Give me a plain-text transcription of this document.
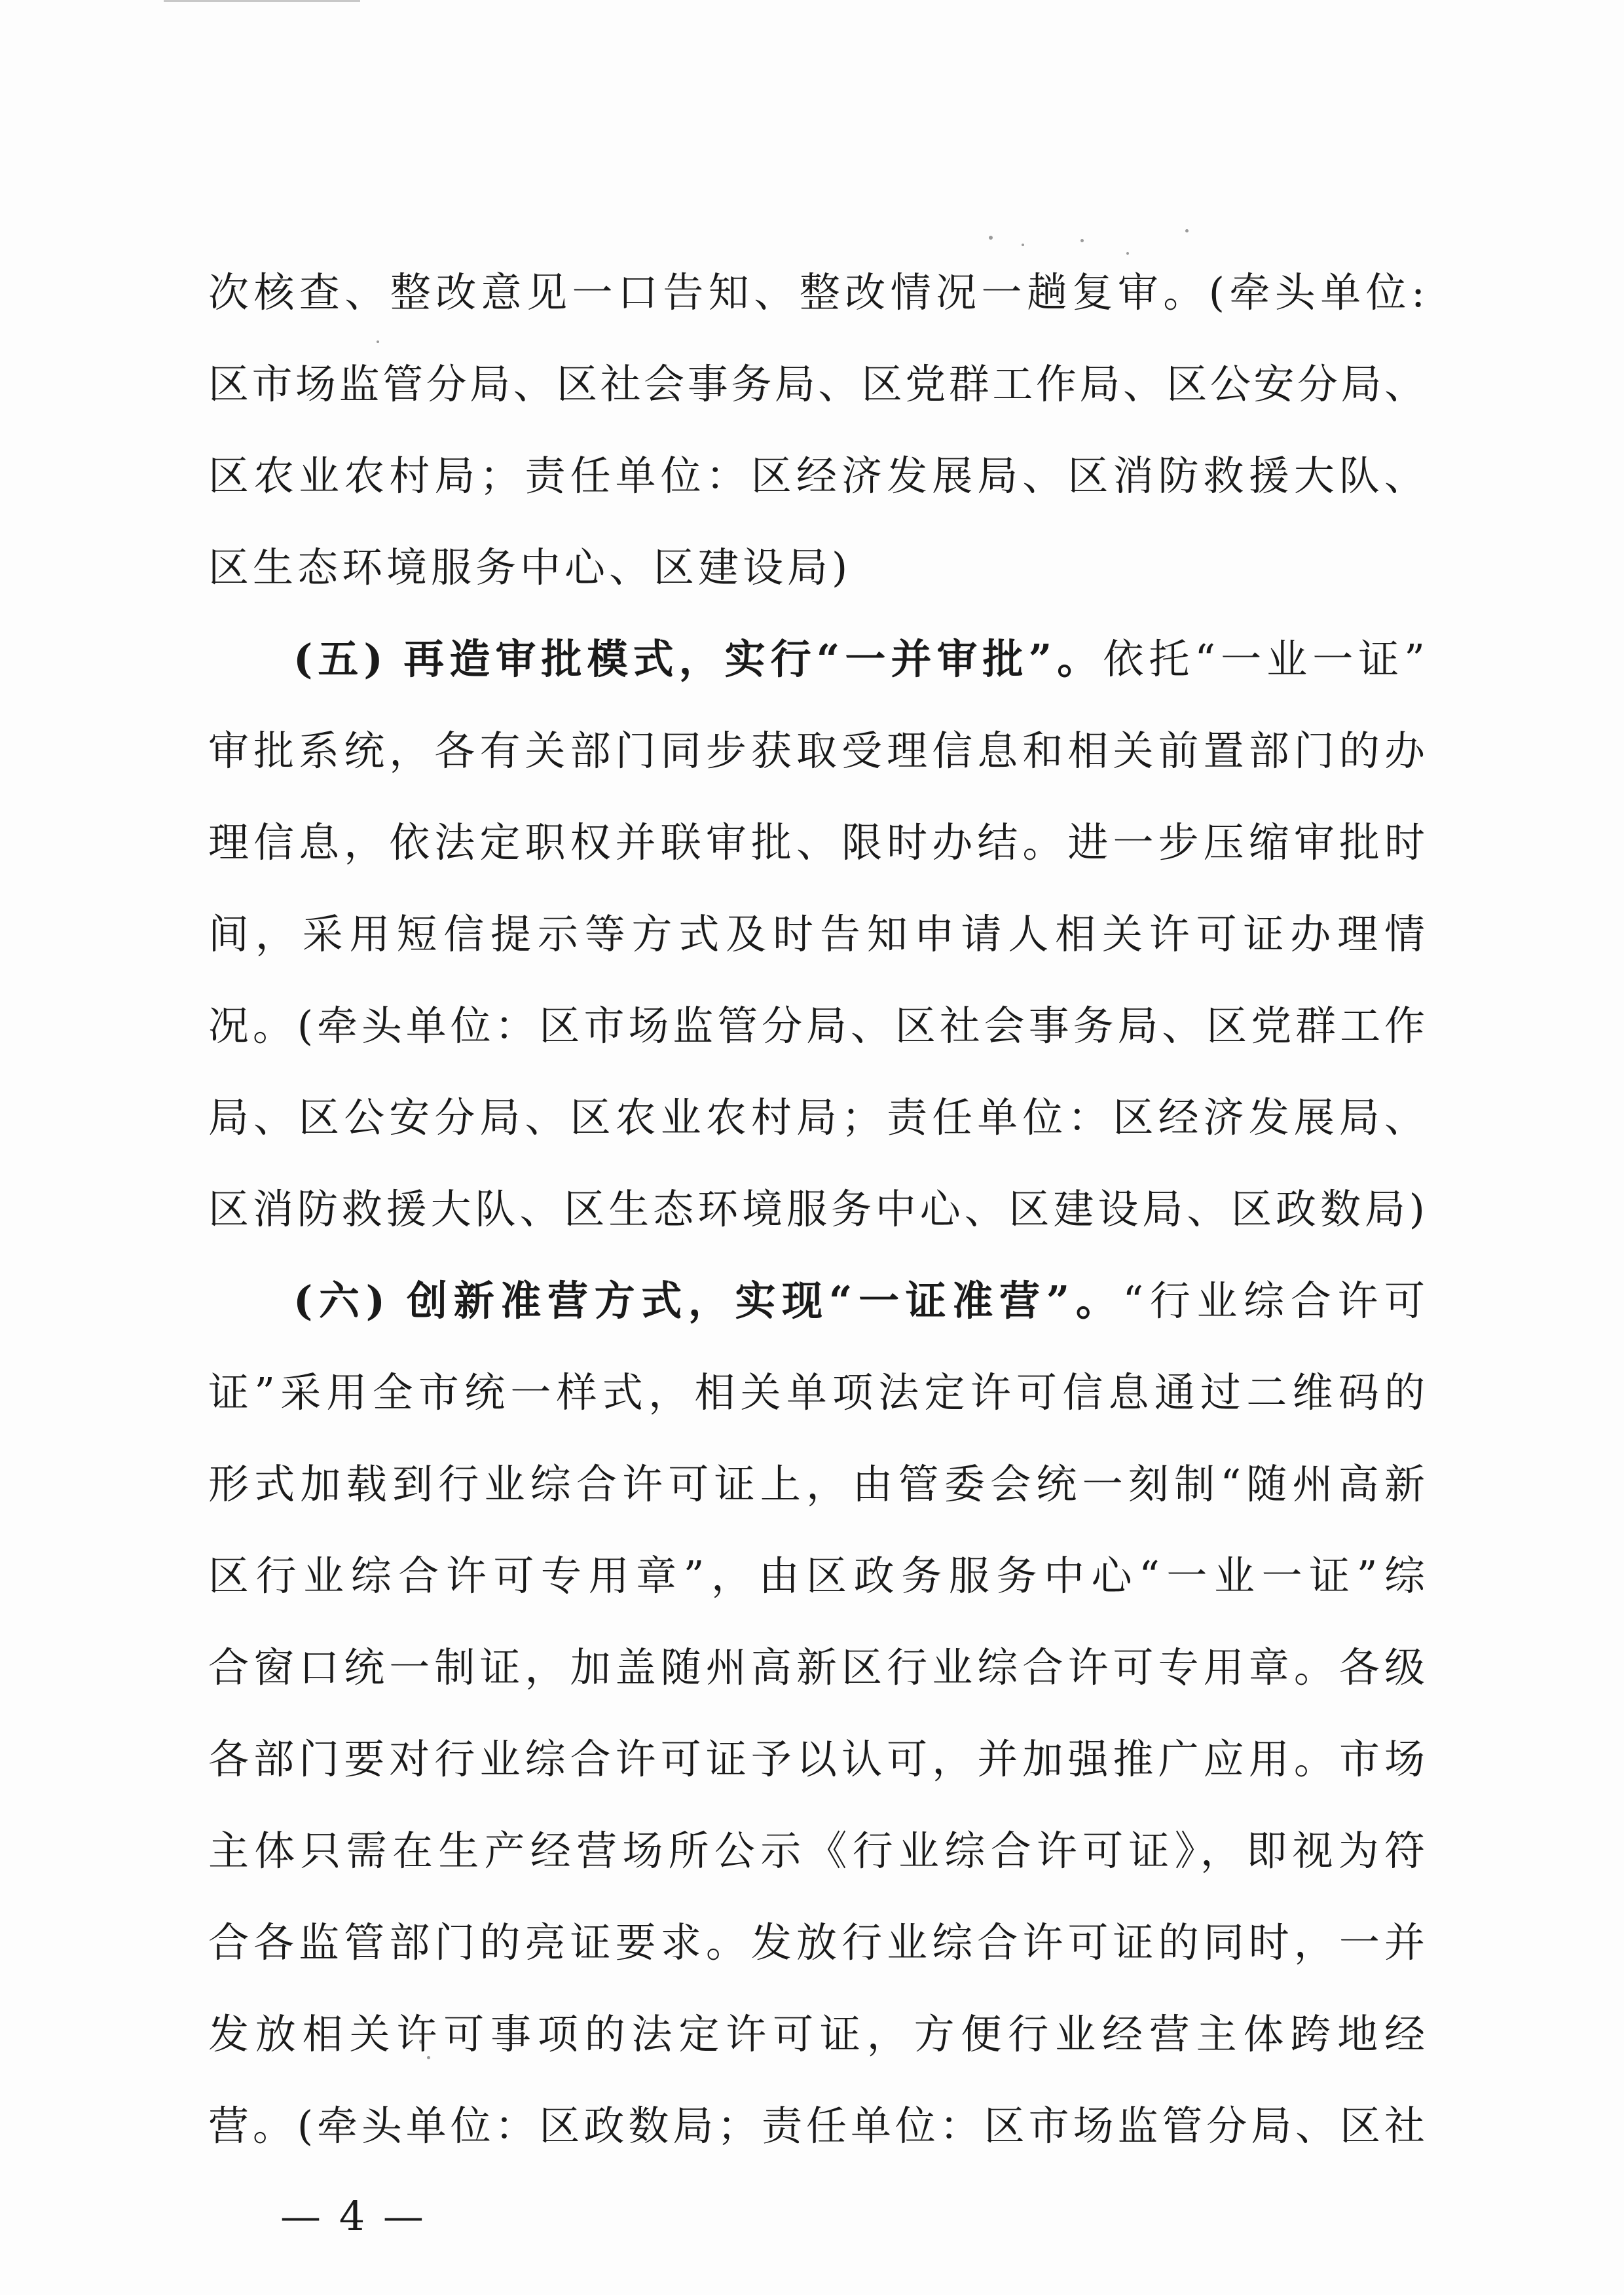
次核查、整改意见一口告知、整改情况一趟复审。(牵头单位:
区市场监管分局、区社会事务局、区党群工作局、区公安分局、
区农业农村局；责任单位：区经济发展局、区消防救援大队、
区生态环境服务中心、区建设局)
(五) 再造审批模式，实行“一并审批”。依托“一业一证”
审批系统，各有关部门同步获取受理信息和相关前置部门的办
理信息，依法定职权并联审批、限时办结。进一步压缩审批时
间，采用短信提示等方式及时告知申请人相关许可证办理情
况。(牵头单位：区市场监管分局、区社会事务局、区党群工作
局、区公安分局、区农业农村局；责任单位：区经济发展局、
区消防救援大队、区生态环境服务中心、区建设局、区政数局)
(六) 创新准营方式，实现“一证准营”。“行业综合许可
证”采用全市统一样式，相关单项法定许可信息通过二维码的
形式加载到行业综合许可证上，由管委会统一刻制“随州高新
区行业综合许可专用章”，由区政务服务中心“一业一证”综
合窗口统一制证，加盖随州高新区行业综合许可专用章。各级
各部门要对行业综合许可证予以认可，并加强推广应用。市场
主体只需在生产经营场所公示《行业综合许可证》，即视为符
合各监管部门的亮证要求。发放行业综合许可证的同时，一并
发放相关许可事项的法定许可证，方便行业经营主体跨地经
营。(牵头单位：区政数局；责任单位：区市场监管分局、区社
— 4 —
